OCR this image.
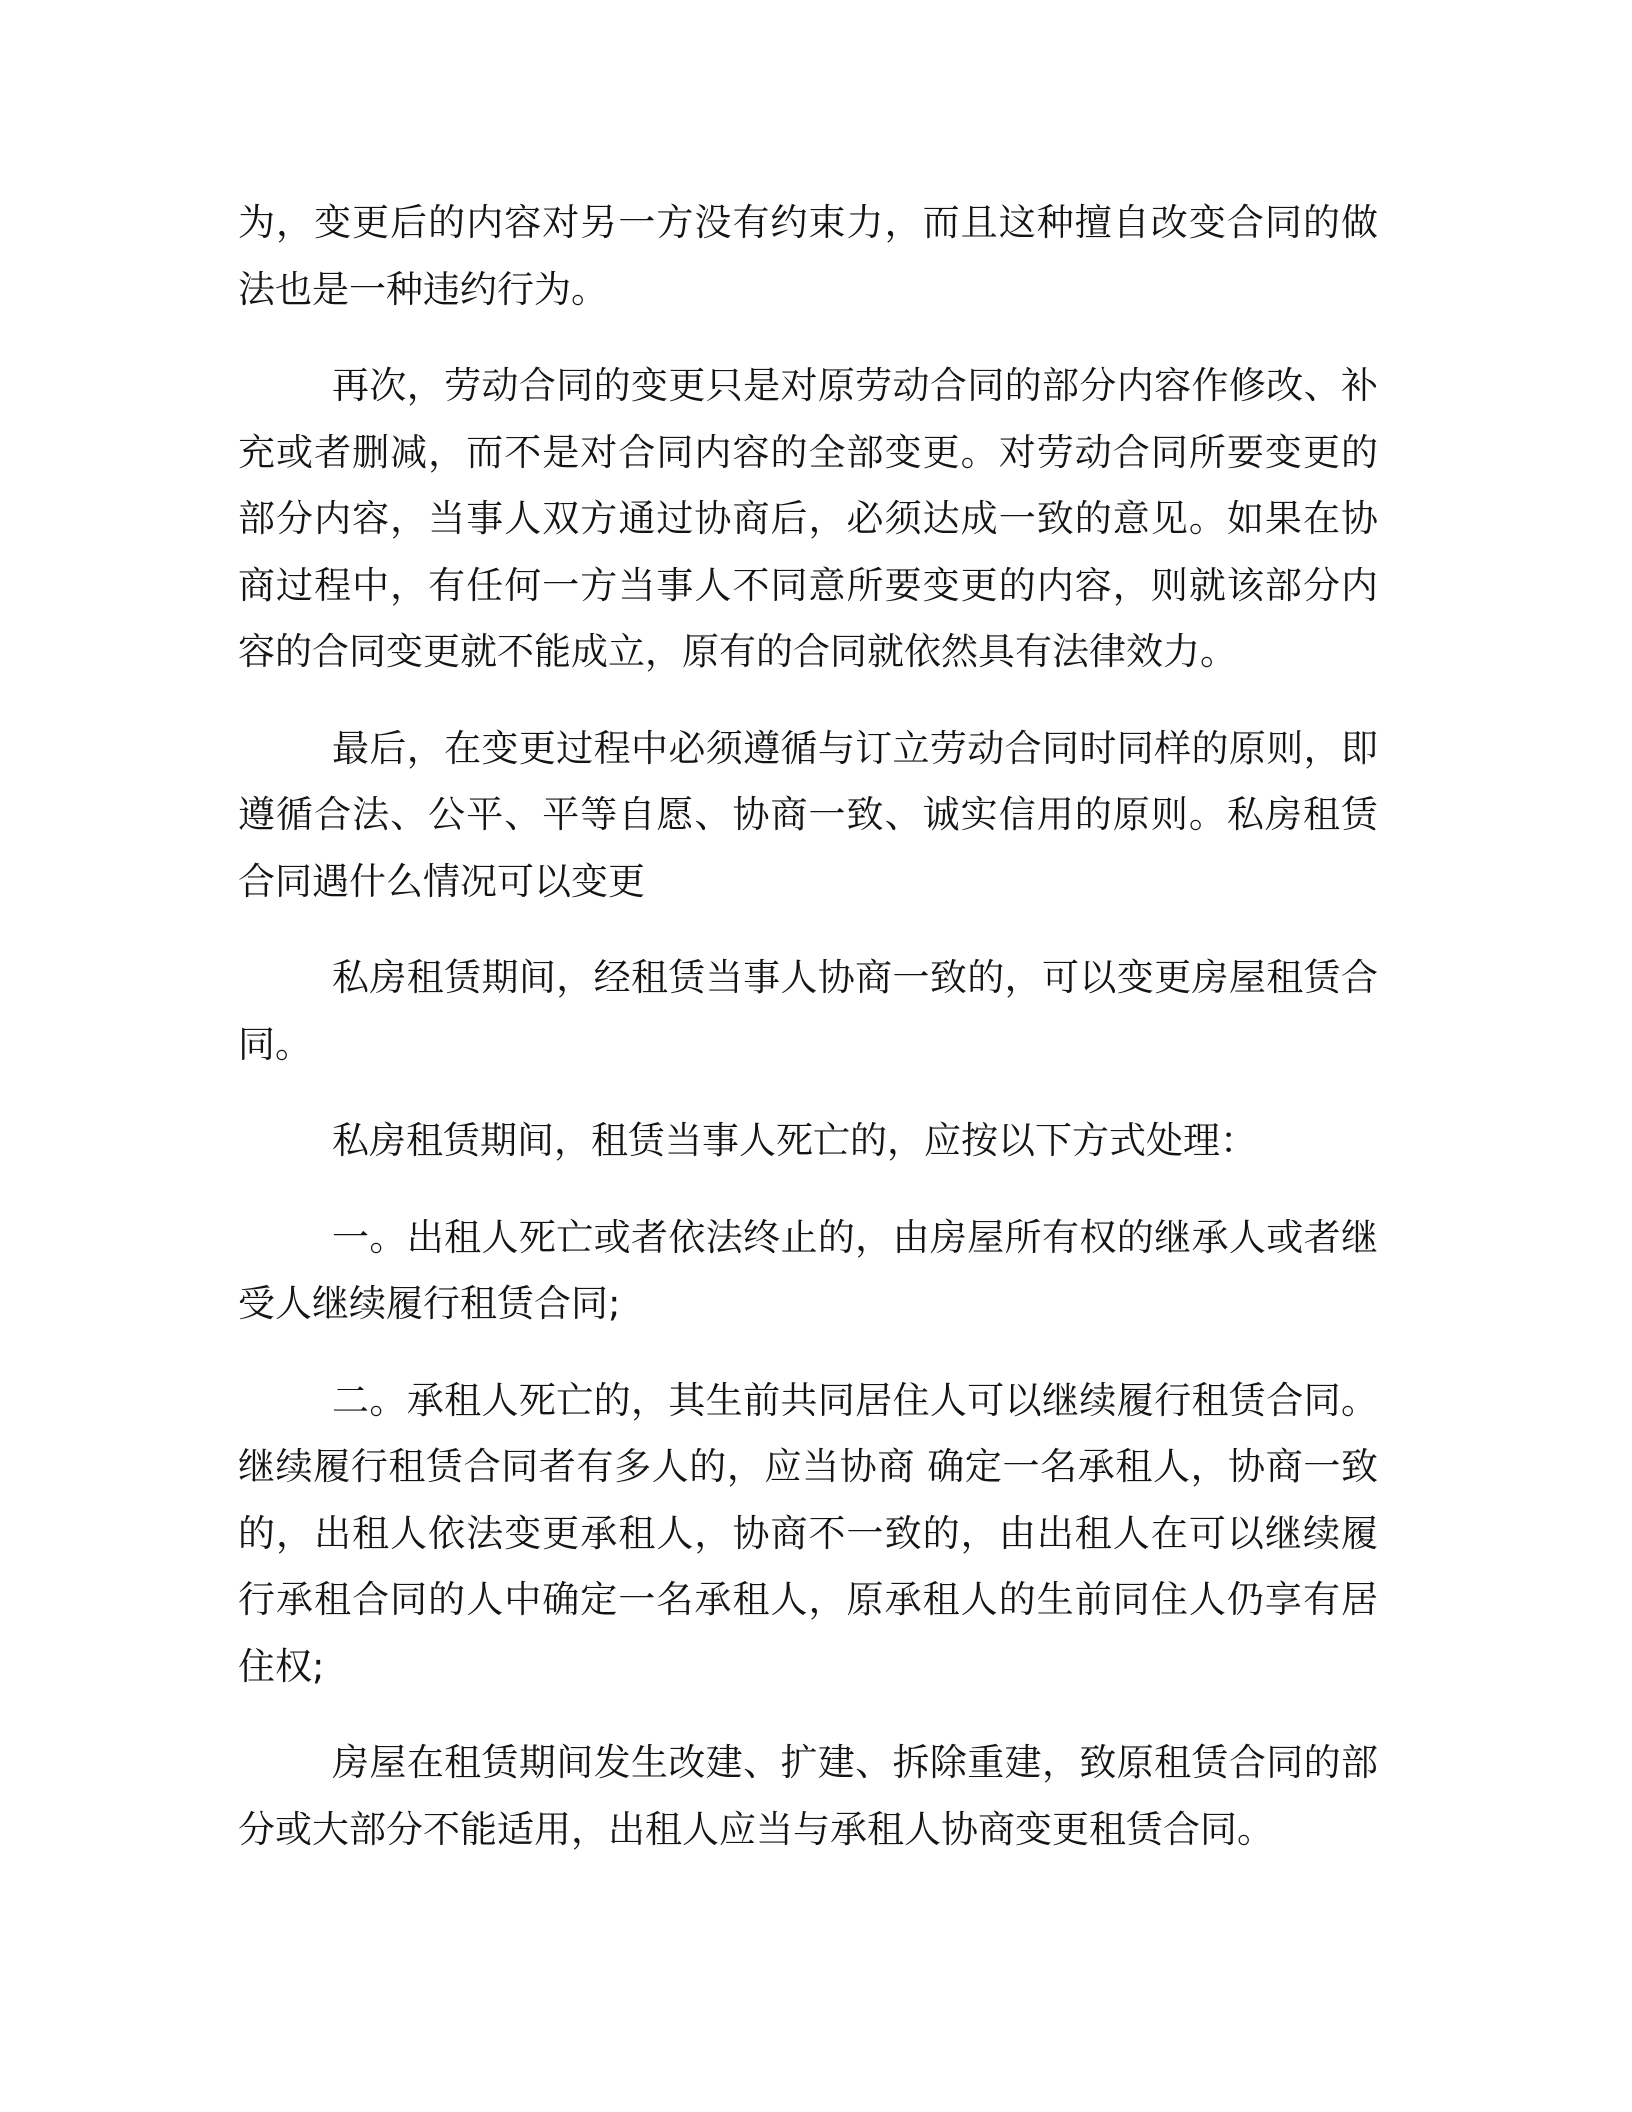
为，变更后的内容对另一方没有约束力，而且这种擅自改变合同的做法也是一种违约行为。

再次，劳动合同的变更只是对原劳动合同的部分内容作修改、补充或者删减，而不是对合同内容的全部变更。对劳动合同所要变更的部分内容，当事人双方通过协商后，必须达成一致的意见。如果在协商过程中，有任何一方当事人不同意所要变更的内容，则就该部分内容的合同变更就不能成立，原有的合同就依然具有法律效力。

最后，在变更过程中必须遵循与订立劳动合同时同样的原则，即遵循合法、公平、平等自愿、协商一致、诚实信用的原则。私房租赁合同遇什么情况可以变更

私房租赁期间，经租赁当事人协商一致的，可以变更房屋租赁合同。

私房租赁期间，租赁当事人死亡的，应按以下方式处理：

一。出租人死亡或者依法终止的，由房屋所有权的继承人或者继受人继续履行租赁合同;

二。承租人死亡的，其生前共同居住人可以继续履行租赁合同。继续履行租赁合同者有多人的，应当协商 确定一名承租人，协商一致的，出租人依法变更承租人，协商不一致的，由出租人在可以继续履行承租合同的人中确定一名承租人，原承租人的生前同住人仍享有居住权;

房屋在租赁期间发生改建、扩建、拆除重建，致原租赁合同的部分或大部分不能适用，出租人应当与承租人协商变更租赁合同。
